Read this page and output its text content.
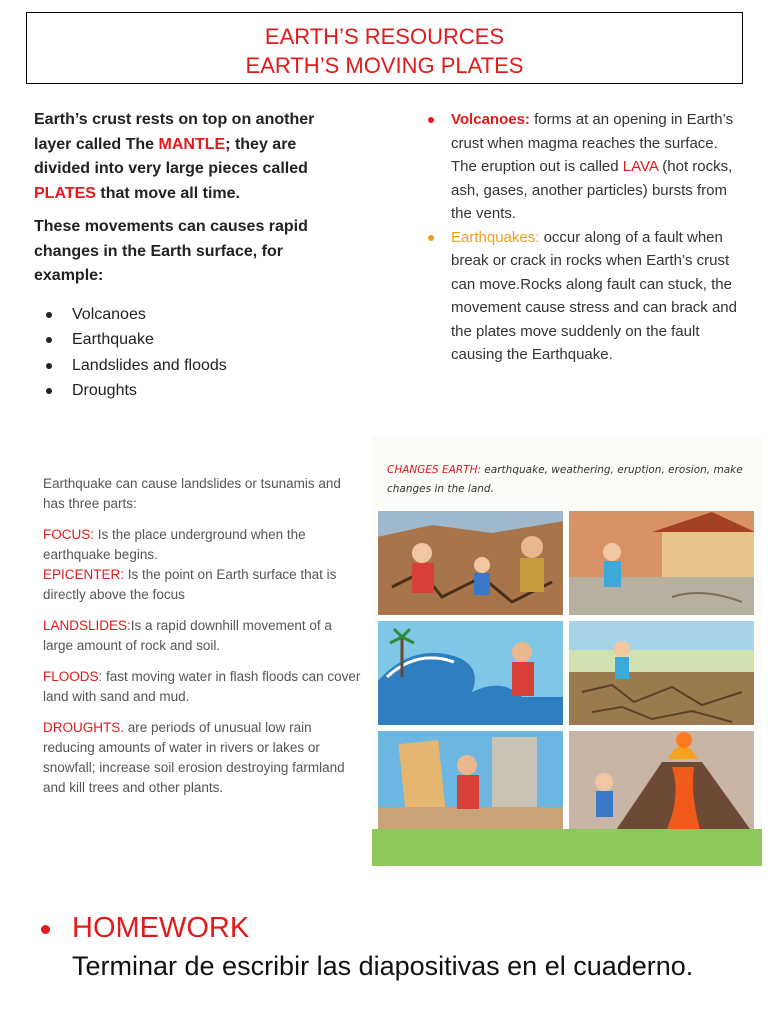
EARTH’S RESOURCES
EARTH’S MOVING PLATES

Earth’s crust rests on top on another layer called The MANTLE; they are divided into very large pieces called PLATES that move all time.

These movements can causes rapid changes in the Earth surface, for example:

Volcanoes
Earthquake
Landslides and floods
Droughts
Volcanoes: forms at an opening in Earth’s crust when magma reaches the surface. The eruption out is called LAVA (hot rocks, ash, gases, another particles) bursts from the vents.
Earthquakes: occur along of a fault when break or crack in rocks when Earth’s crust can move.Rocks along fault can stuck, the movement cause stress and can brack and the plates move suddenly on the fault causing the Earthquake.

Earthquake can cause landslides or tsunamis and has three parts:

FOCUS: Is the place underground when the earthquake begins.

EPICENTER: Is the point on Earth surface that is directly above the focus

LANDSLIDES:Is a rapid downhill movement of a large amount of rock and soil.

FLOODS: fast moving water in flash floods can cover land with sand and mud.

DROUGHTS. are periods of unusual low rain reducing amounts of water in rivers or lakes or snowfall; increase soil erosion destroying farmland and kill trees and other plants.

CHANGES EARTH: earthquake, weathering, eruption, erosion, make changes in the land.
HOMEWORK
Terminar de escribir las diapositivas en el cuaderno.
